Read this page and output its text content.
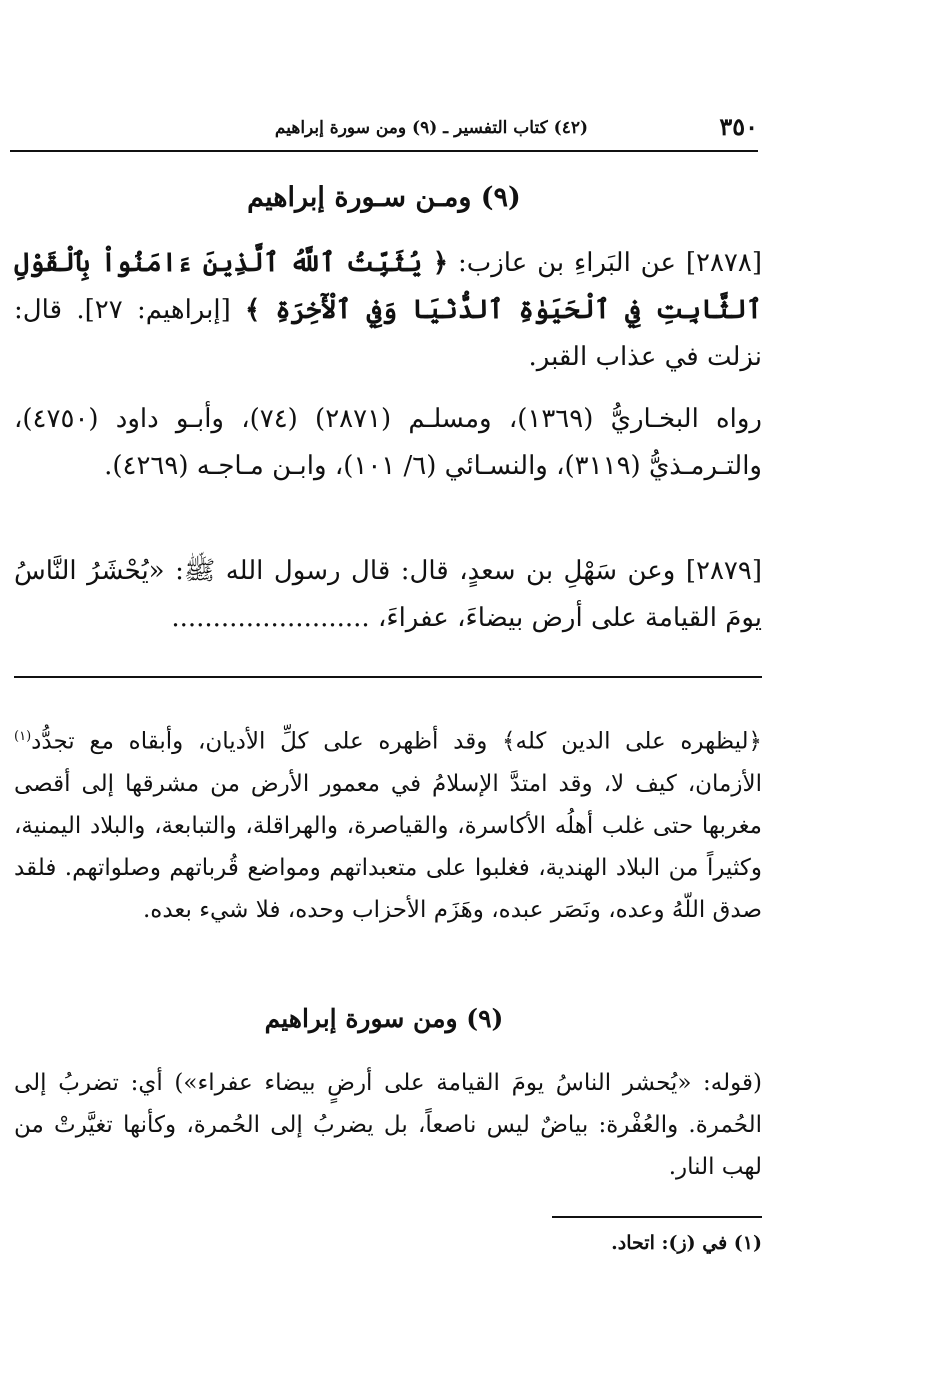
٣٥٠
(٤٢) كتاب التفسير ـ (٩) ومن سورة إبراهيم
(٩) ومـن سـورة إبراهيم
[٢٨٧٨] عن البَراءِ بن عازب: ﴿ يُثَبِّتُ ٱللَّهُ ٱلَّذِينَ ءَامَنُواْ بِٱلْقَوْلِ ٱلثَّابِتِ فِي ٱلْحَيَوٰةِ ٱلدُّنْيَا وَفِي ٱلْأٓخِرَةِ ﴾ [إبراهيم: ٢٧]. قال: نزلت في عذاب القبر.
رواه البخـاريُّ (١٣٦٩)، ومسلـم (٢٨٧١) (٧٤)، وأبـو داود (٤٧٥٠)، والتـرمـذيُّ (٣١١٩)، والنسـائي (٦/ ١٠١)، وابـن مـاجـه (٤٢٦٩).
[٢٨٧٩] وعن سَهْلِ بن سعدٍ، قال: قال رسول الله ﷺ: «يُحْشَرُ النَّاسُ يومَ القيامة على أرض بيضاءَ، عفراءَ، ........................
﴿ليظهره على الدين كله﴾ وقد أظهره على كلِّ الأديان، وأبقاه مع تجدُّد$^{(١)}$ الأزمان، كيف لا، وقد امتدَّ الإسلامُ في معمور الأرض من مشرقها إلى أقصى مغربها حتى غلب أهلُه الأكاسرة، والقياصرة، والهراقلة، والتبابعة، والبلاد اليمنية، وكثيراً من البلاد الهندية، فغلبوا على متعبداتهم ومواضع قُرباتهم وصلواتهم. فلقد صدق اللّهُ وعده، ونَصَر عبده، وهَزَم الأحزاب وحده، فلا شيء بعده.
(٩) ومن سورة إبراهيم
(قوله: «يُحشر الناسُ يومَ القيامة على أرضٍ بيضاء عفراء») أي: تضربُ إلى الحُمرة. والعُفْرة: بياضٌ ليس ناصعاً، بل يضربُ إلى الحُمرة، وكأنها تغيَّرتْ من لهب النار.
(١) في (ز): اتحاد.
